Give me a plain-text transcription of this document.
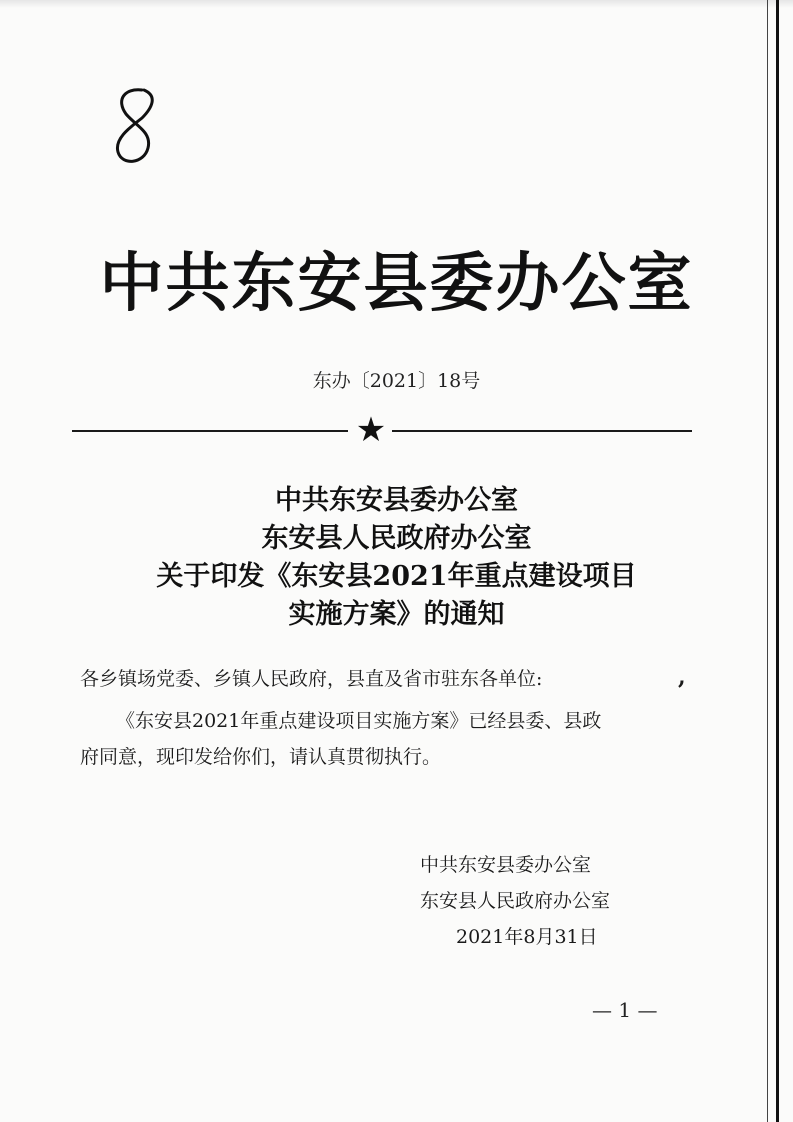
中共东安县委办公室
东办〔2021〕18号
★
中共东安县委办公室
东安县人民政府办公室
关于印发《东安县2021年重点建设项目
实施方案》的通知
各乡镇场党委、乡镇人民政府，县直及省市驻东各单位:	,
《东安县2021年重点建设项目实施方案》已经县委、县政
府同意，现印发给你们，请认真贯彻执行。
中共东安县委办公室
东安县人民政府办公室
2021年8月31日
— 1 —
